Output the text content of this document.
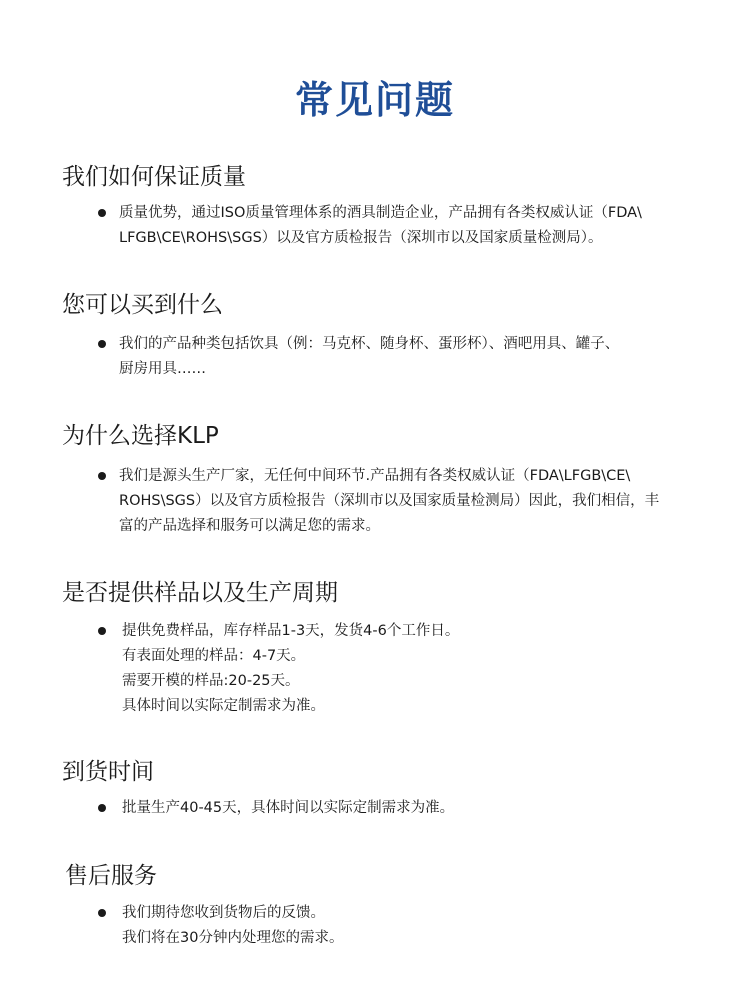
常见问题
我们如何保证质量
质量优势，通过ISO质量管理体系的酒具制造企业，产品拥有各类权威认证（FDA\
LFGB\CE\ROHS\SGS）以及官方质检报告（深圳市以及国家质量检测局）。
您可以买到什么
我们的产品种类包括饮具（例：马克杯、随身杯、蛋形杯）、酒吧用具、罐子、
厨房用具……
为什么选择KLP
我们是源头生产厂家，无任何中间环节.产品拥有各类权威认证（FDA\LFGB\CE\
ROHS\SGS）以及官方质检报告（深圳市以及国家质量检测局）因此，我们相信，丰
富的产品选择和服务可以满足您的需求。
是否提供样品以及生产周期
提供免费样品，库存样品1-3天，发货4-6个工作日。
有表面处理的样品：4-7天。
需要开模的样品:20-25天。
具体时间以实际定制需求为准。
到货时间
批量生产40-45天，具体时间以实际定制需求为准。
售后服务
我们期待您收到货物后的反馈。
我们将在30分钟内处理您的需求。
